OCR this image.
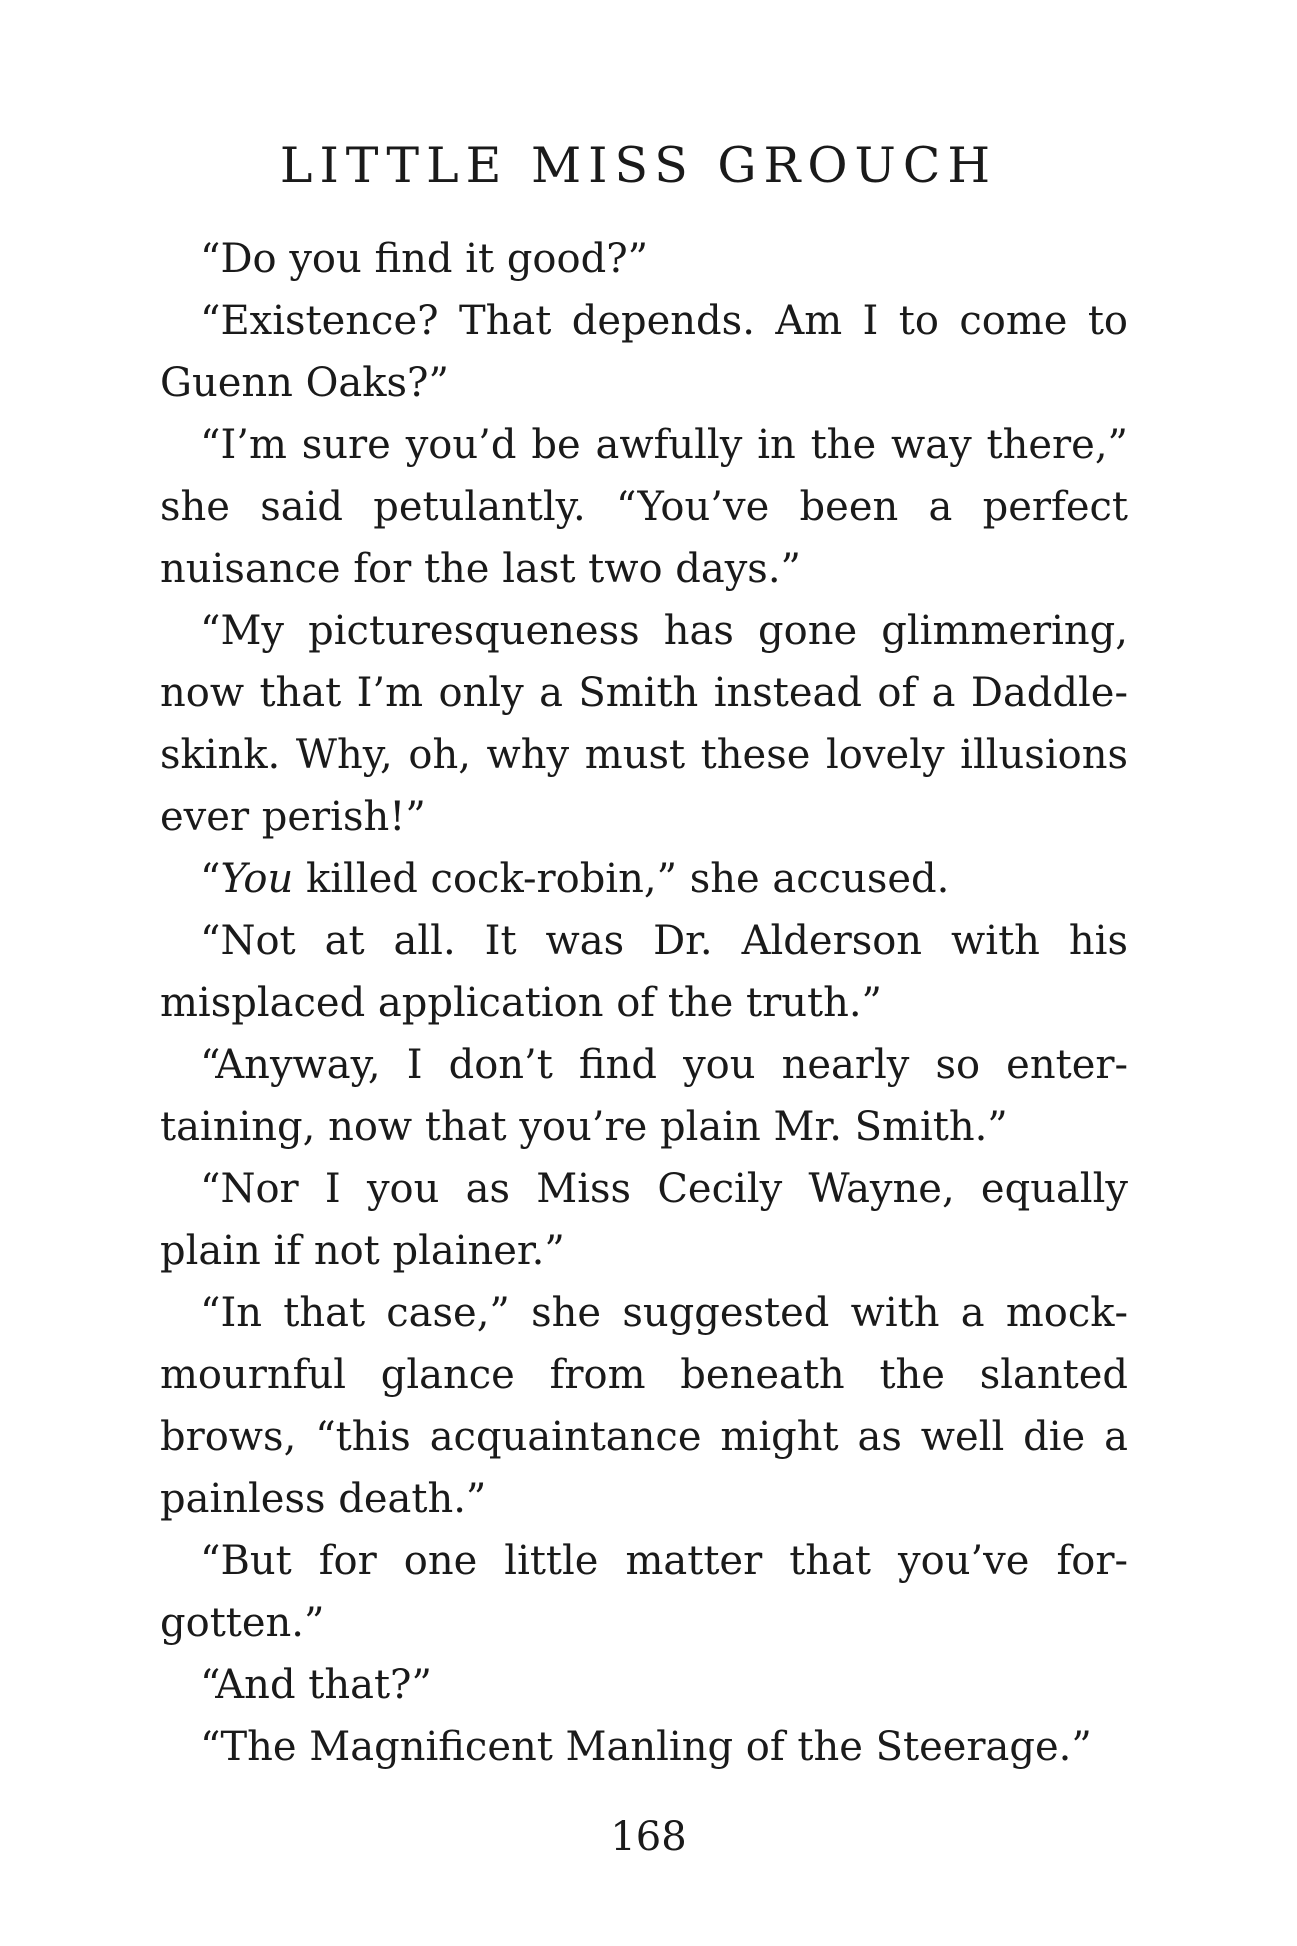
LITTLE MISS GROUCH

“Do you find it good?”

“Existence? That depends. Am I to come to Guenn Oaks?”

“I’m sure you’d be awfully in the way there,” she said petulantly. “You’ve been a perfect nuisance for the last two days.”

“My picturesqueness has gone glimmering, now that I’m only a Smith instead of a Daddleskink. Why, oh, why must these lovely illusions ever perish!”

“You killed cock-robin,” she accused.

“Not at all. It was Dr. Alderson with his misplaced application of the truth.”

“Anyway, I don’t find you nearly so entertaining, now that you’re plain Mr. Smith.”

“Nor I you as Miss Cecily Wayne, equally plain if not plainer.”

“In that case,” she suggested with a mockmournful glance from beneath the slanted brows, “this acquaintance might as well die a painless death.”

“But for one little matter that you’ve forgotten.”

“And that?”

“The Magnificent Manling of the Steerage.”

168
